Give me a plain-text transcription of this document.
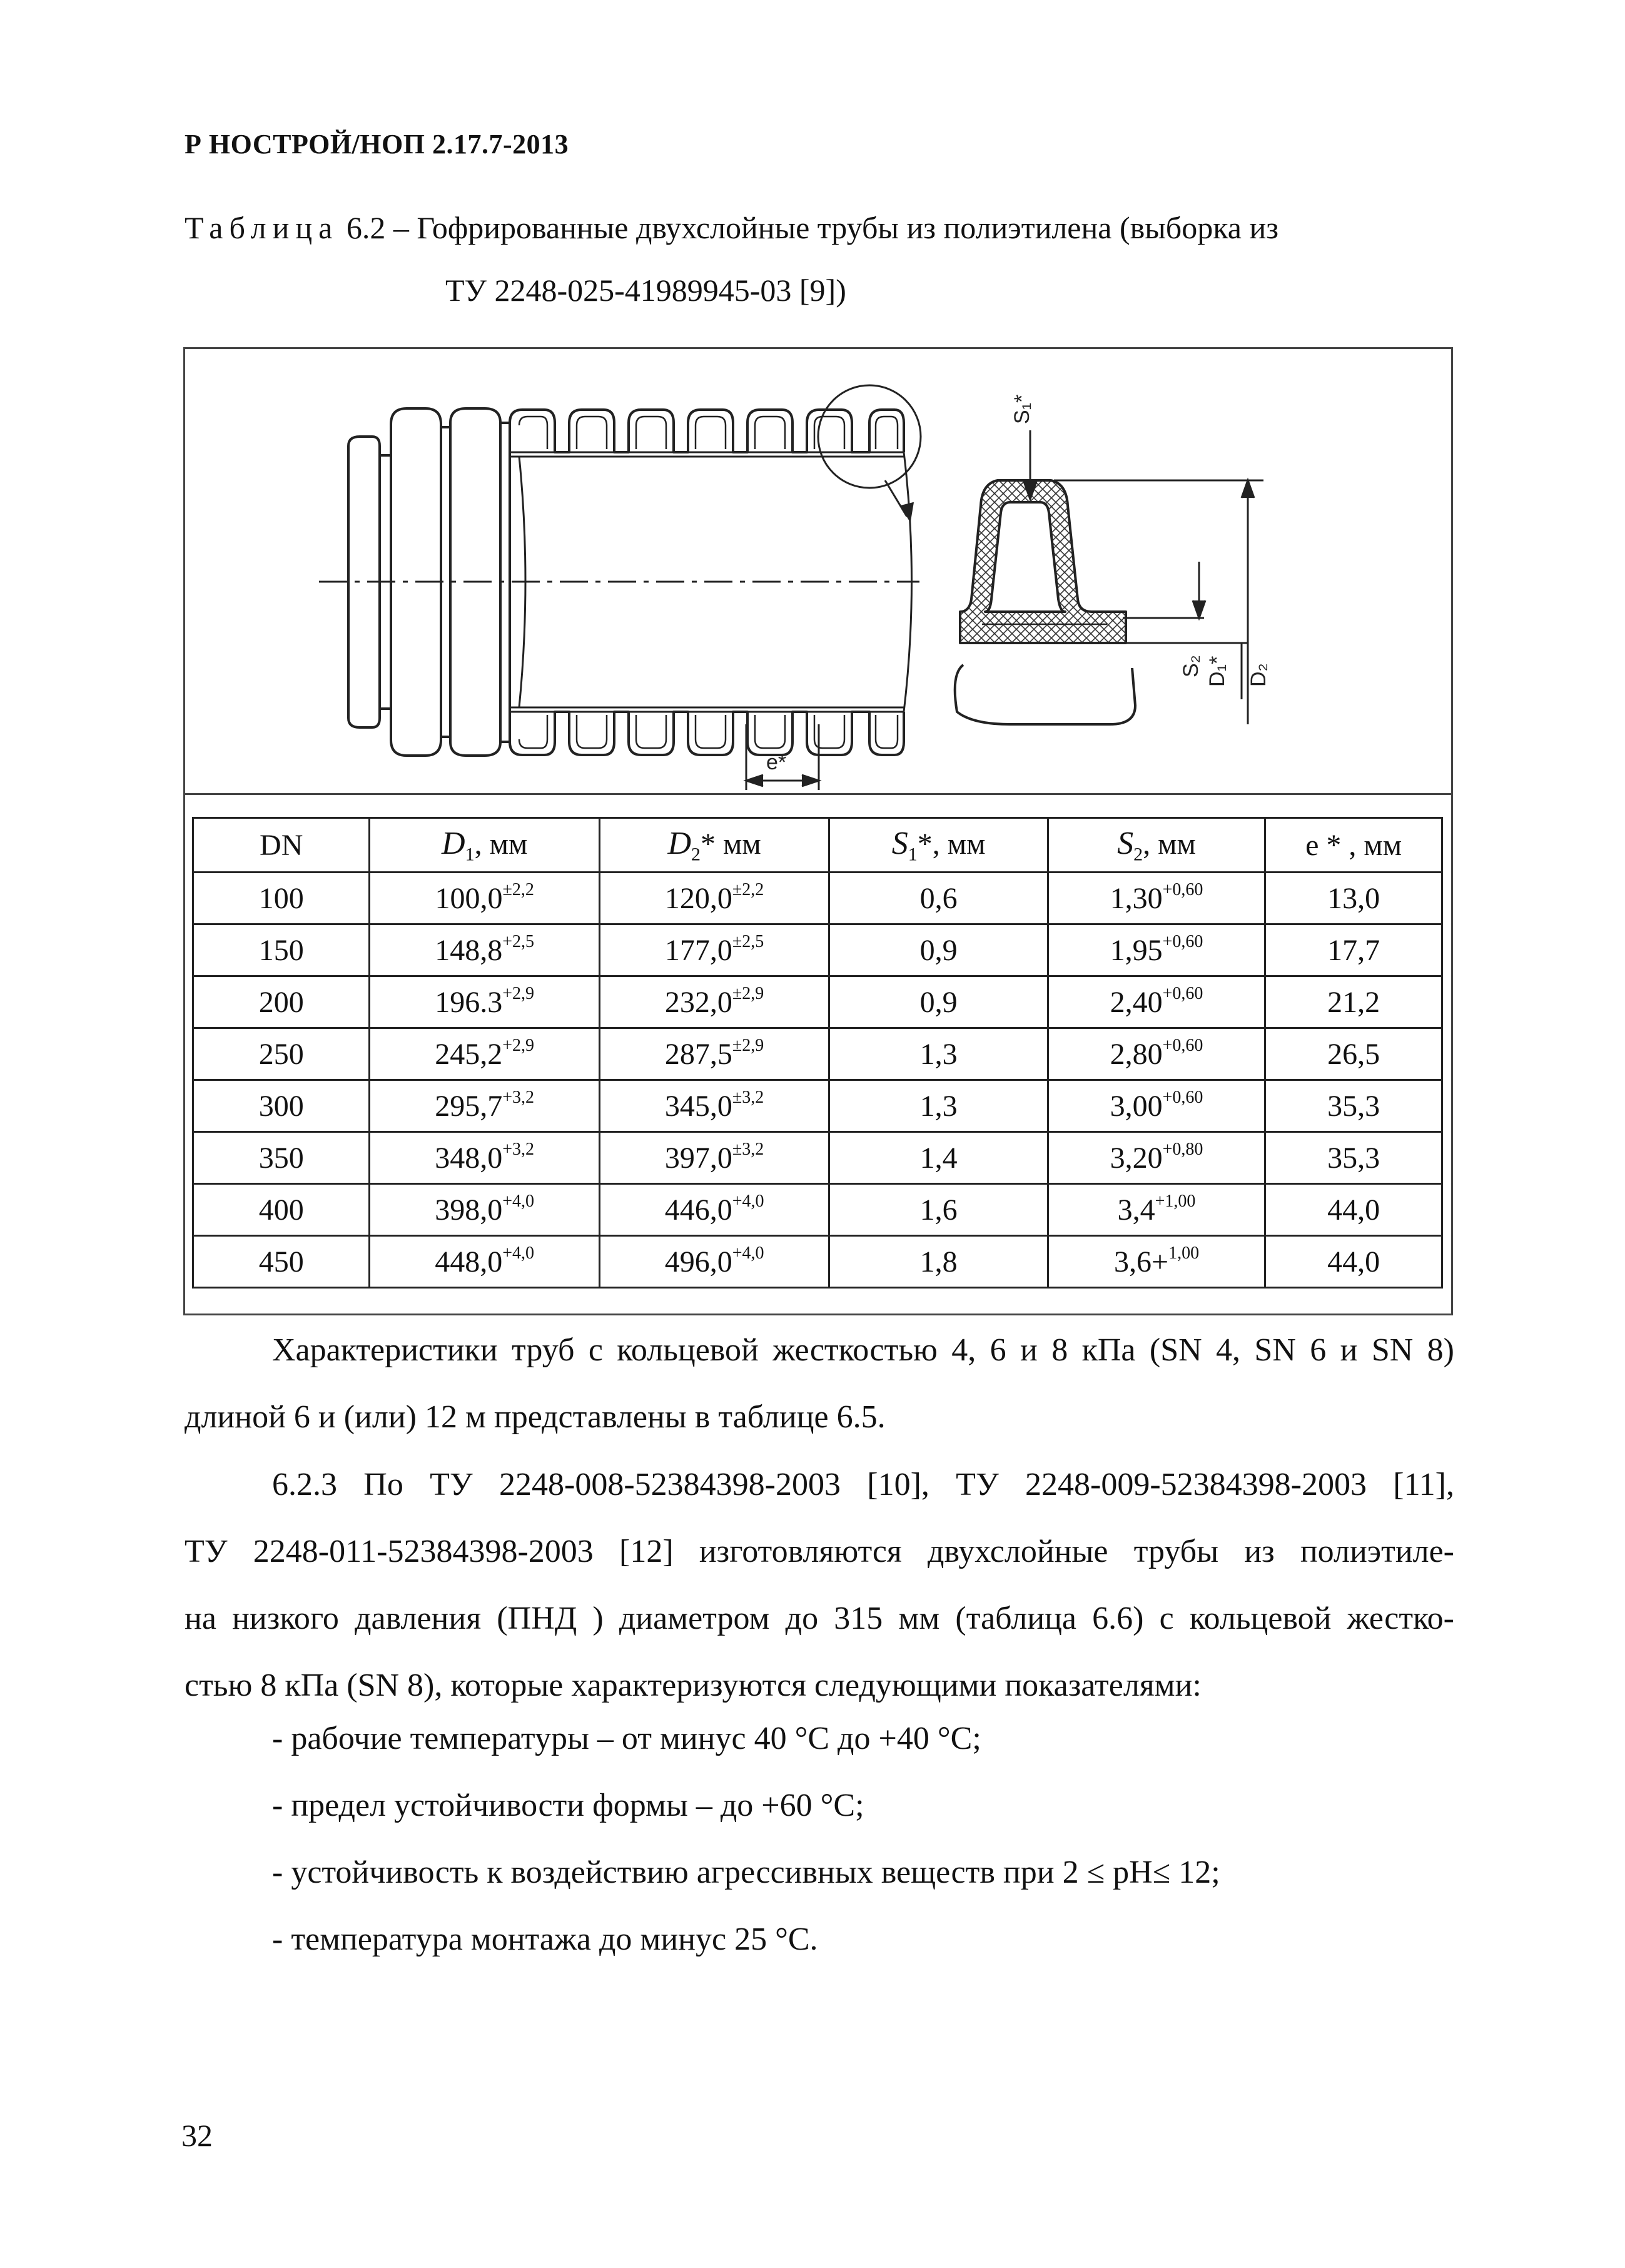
Р НОСТРОЙ/НОП 2.17.7-2013
Таблица 6.2 – Гофрированные двухслойные трубы из полиэтилена (выборка из
ТУ 2248-025-41989945-03 [9])
S₁*
S₂ D₁* D₂
e*
DN	$D_1$, мм	$D_2*$ мм	$S_1*$, мм	$S_2$, мм	e * , мм
100	$100,0^{\pm 2,2}$	$120,0^{\pm 2,2}$	0,6	$1,30^{+0,60}$	13,0
150	$148,8^{+2,5}$	$177,0^{\pm 2,5}$	0,9	$1,95^{+0,60}$	17,7
200	$196.3^{+2,9}$	$232,0^{\pm 2,9}$	0,9	$2,40^{+0,60}$	21,2
250	$245,2^{+2,9}$	$287,5^{\pm 2,9}$	1,3	$2,80^{+0,60}$	26,5
300	$295,7^{+3,2}$	$345,0^{\pm 3,2}$	1,3	$3,00^{+0,60}$	35,3
350	$348,0^{+3,2}$	$397,0^{\pm 3,2}$	1,4	$3,20^{+0,80}$	35,3
400	$398,0^{+4,0}$	$446,0^{+4,0}$	1,6	$3,4^{+1,00}$	44,0
450	$448,0^{+4,0}$	$496,0^{+4,0}$	1,8	3,6+$^{1,00}$	44,0
Характеристики труб с кольцевой жесткостью 4, 6 и 8 кПа (SN 4, SN 6 и SN 8)
длиной 6 и (или) 12 м представлены в таблице 6.5.
6.2.3 По ТУ 2248-008-52384398-2003 [10], ТУ 2248-009-52384398-2003 [11],
ТУ 2248-011-52384398-2003 [12] изготовляются двухслойные трубы из полиэтиле-
на низкого давления (ПНД ) диаметром до 315 мм (таблица 6.6) с кольцевой жестко-
стью 8 кПа (SN 8), которые характеризуются следующими показателями:
- рабочие температуры – от минус 40 °С до +40 °С;
- предел устойчивости формы – до +60 °С;
- устойчивость к воздействию агрессивных веществ при 2 ≤ pH≤ 12;
- температура монтажа до минус 25 °С.
32
